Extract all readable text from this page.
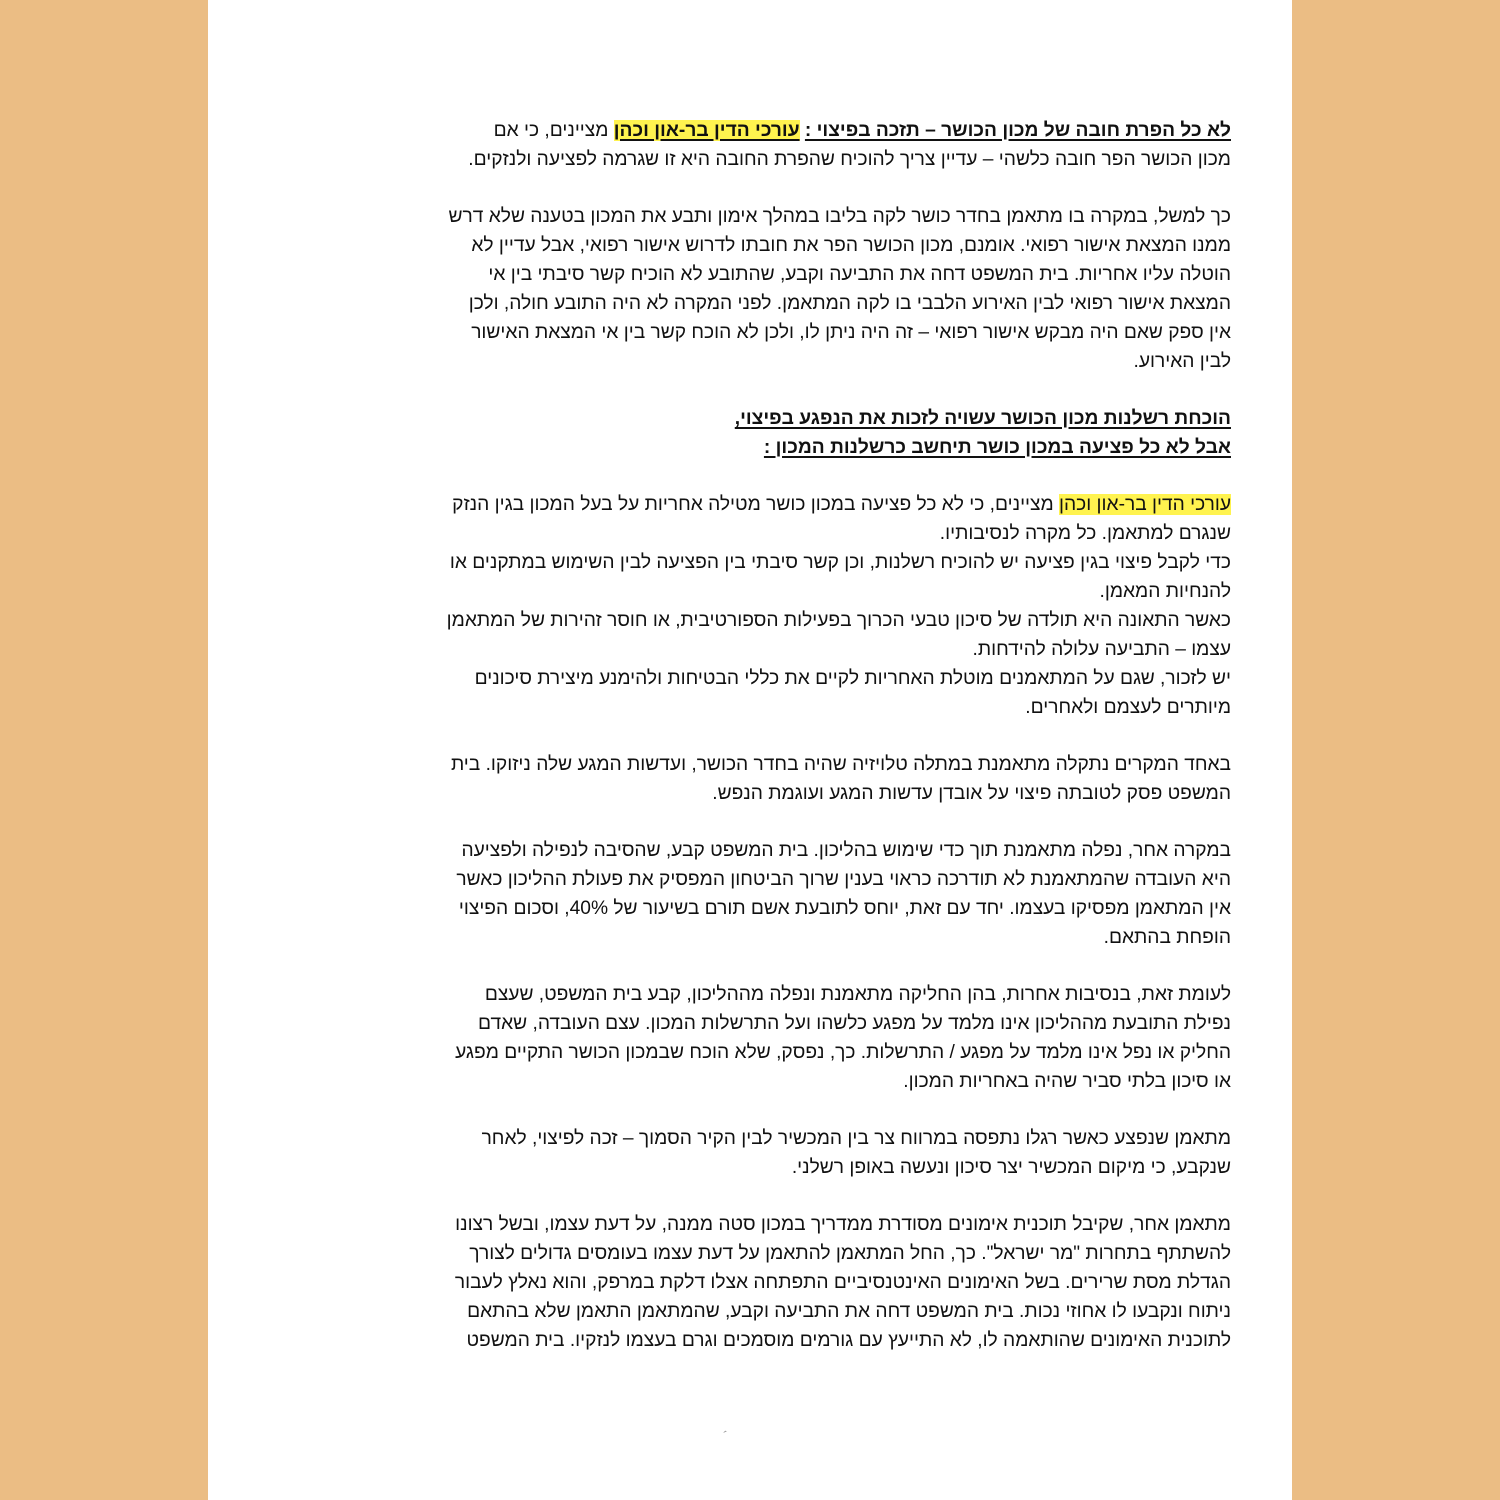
לא כל הפרת חובה של מכון הכושר – תזכה בפיצוי : עורכי הדין בר-און וכהן מציינים, כי אם
מכון הכושר הפר חובה כלשהי – עדיין צריך להוכיח שהפרת החובה היא זו שגרמה לפציעה ולנזקים.
כך למשל, במקרה בו מתאמן בחדר כושר לקה בליבו במהלך אימון ותבע את המכון בטענה שלא דרש
ממנו המצאת אישור רפואי. אומנם, מכון הכושר הפר את חובתו לדרוש אישור רפואי, אבל עדיין לא
הוטלה עליו אחריות. בית המשפט דחה את התביעה וקבע, שהתובע לא הוכיח קשר סיבתי בין אי
המצאת אישור רפואי לבין האירוע הלבבי בו לקה המתאמן. לפני המקרה לא היה התובע חולה, ולכן
אין ספק שאם היה מבקש אישור רפואי – זה היה ניתן לו, ולכן לא הוכח קשר בין אי המצאת האישור
לבין האירוע.
הוכחת רשלנות מכון הכושר עשויה לזכות את הנפגע בפיצוי,
אבל לא כל פציעה במכון כושר תיחשב כרשלנות המכון :
עורכי הדין בר-און וכהן מציינים, כי לא כל פציעה במכון כושר מטילה אחריות על בעל המכון בגין הנזק
שנגרם למתאמן. כל מקרה לנסיבותיו.
כדי לקבל פיצוי בגין פציעה יש להוכיח רשלנות, וכן קשר סיבתי בין הפציעה לבין השימוש במתקנים או
להנחיות המאמן.
כאשר התאונה היא תולדה של סיכון טבעי הכרוך בפעילות הספורטיבית, או חוסר זהירות של המתאמן
עצמו – התביעה עלולה להידחות.
יש לזכור, שגם על המתאמנים מוטלת האחריות לקיים את כללי הבטיחות ולהימנע מיצירת סיכונים
מיותרים לעצמם ולאחרים.
באחד המקרים נתקלה מתאמנת במתלה טלויזיה שהיה בחדר הכושר, ועדשות המגע שלה ניזוקו. בית
המשפט פסק לטובתה פיצוי על אובדן עדשות המגע ועוגמת הנפש.
במקרה אחר, נפלה מתאמנת תוך כדי שימוש בהליכון. בית המשפט קבע, שהסיבה לנפילה ולפציעה
היא העובדה שהמתאמנת לא תודרכה כראוי בענין שרוך הביטחון המפסיק את פעולת ההליכון כאשר
אין המתאמן מפסיקו בעצמו. יחד עם זאת, יוחס לתובעת אשם תורם בשיעור של 40%, וסכום הפיצוי
הופחת בהתאם.
לעומת זאת, בנסיבות אחרות, בהן החליקה מתאמנת ונפלה מההליכון, קבע בית המשפט, שעצם
נפילת התובעת מההליכון אינו מלמד על מפגע כלשהו ועל התרשלות המכון. עצם העובדה, שאדם
החליק או נפל אינו מלמד על מפגע / התרשלות. כך, נפסק, שלא הוכח שבמכון הכושר התקיים מפגע
או סיכון בלתי סביר שהיה באחריות המכון.
מתאמן שנפצע כאשר רגלו נתפסה במרווח צר בין המכשיר לבין הקיר הסמוך – זכה לפיצוי, לאחר
שנקבע, כי מיקום המכשיר יצר סיכון ונעשה באופן רשלני.
מתאמן אחר, שקיבל תוכנית אימונים מסודרת ממדריך במכון סטה ממנה, על דעת עצמו, ובשל רצונו
להשתתף בתחרות "מר ישראל". כך, החל המתאמן להתאמן על דעת עצמו בעומסים גדולים לצורך
הגדלת מסת שרירים. בשל האימונים האינטנסיביים התפתחה אצלו דלקת במרפק, והוא נאלץ לעבור
ניתוח ונקבעו לו אחוזי נכות. בית המשפט דחה את התביעה וקבע, שהמתאמן התאמן שלא בהתאם
לתוכנית האימונים שהותאמה לו, לא התייעץ עם גורמים מוסמכים וגרם בעצמו לנזקיו. בית המשפט
´
